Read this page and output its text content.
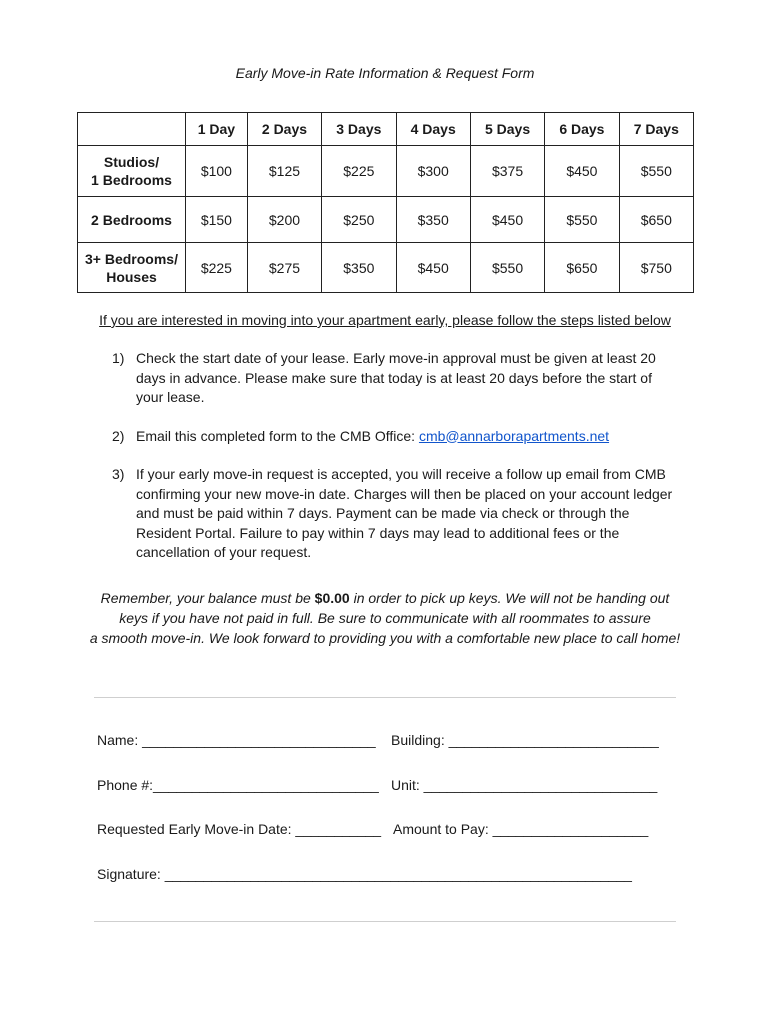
Early Move-in Rate Information & Request Form
	1 Day	2 Days	3 Days	4 Days	5 Days	6 Days	7 Days
Studios/
1 Bedrooms	$100	$125	$225	$300	$375	$450	$550
2 Bedrooms	$150	$200	$250	$350	$450	$550	$650
3+ Bedrooms/
Houses	$225	$275	$350	$450	$550	$650	$750
If you are interested in moving into your apartment early, please follow the steps listed below
1) Check the start date of your lease. Early move-in approval must be given at least 20 days in advance. Please make sure that today is at least 20 days before the start of your lease.
2) Email this completed form to the CMB Office: cmb@annarborapartments.net
3) If your early move-in request is accepted, you will receive a follow up email from CMB confirming your new move-in date. Charges will then be placed on your account ledger and must be paid within 7 days. Payment can be made via check or through the Resident Portal. Failure to pay within 7 days may lead to additional fees or the cancellation of your request.
Remember, your balance must be $0.00 in order to pick up keys. We will not be handing out
keys if you have not paid in full. Be sure to communicate with all roommates to assure
a smooth move-in. We look forward to providing you with a comfortable new place to call home!
Name: ______________________________ Building: ___________________________
Phone #:_____________________________ Unit: ______________________________
Requested Early Move-in Date: ___________ Amount to Pay: ____________________
Signature: ____________________________________________________________
